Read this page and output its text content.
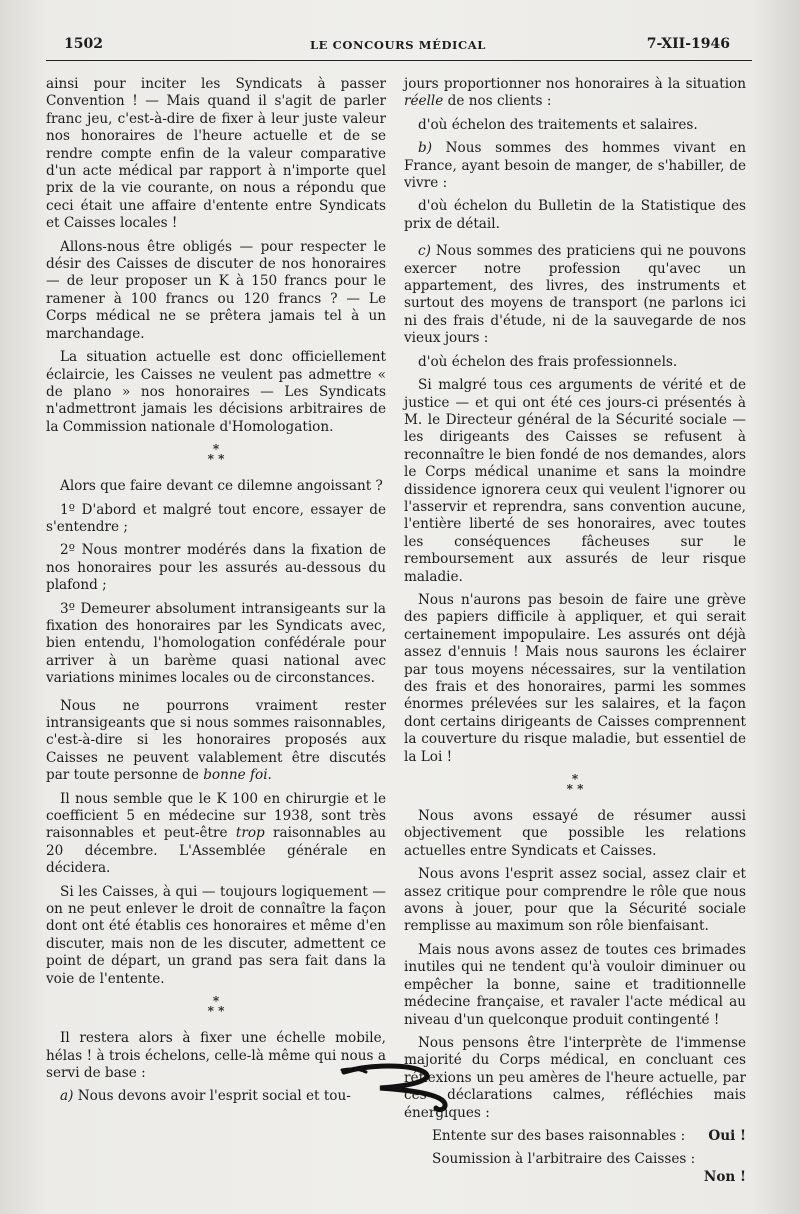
1502	LE CONCOURS MÉDICAL	7-XII-1946

ainsi pour inciter les Syndicats à passer Convention ! — Mais quand il s'agit de parler franc jeu, c'est-à-dire de fixer à leur juste valeur nos honoraires de l'heure actuelle et de se rendre compte enfin de la valeur comparative d'un acte médical par rapport à n'importe quel prix de la vie courante, on nous a répondu que ceci était une affaire d'entente entre Syndicats et Caisses locales !

Allons-nous être obligés — pour respecter le désir des Caisses de discuter de nos honoraires — de leur proposer un K à 150 francs pour le ramener à 100 francs ou 120 francs ? — Le Corps médical ne se prêtera jamais tel à un marchandage.

La situation actuelle est donc officiellement éclaircie, les Caisses ne veulent pas admettre « de plano » nos honoraires — Les Syndicats n'admettront jamais les décisions arbitraires de la Commission nationale d'Homologation.

*
* *

Alors que faire devant ce dilemne angoissant ?

1º D'abord et malgré tout encore, essayer de s'entendre ;

2º Nous montrer modérés dans la fixation de nos honoraires pour les assurés au-dessous du plafond ;

3º Demeurer absolument intransigeants sur la fixation des honoraires par les Syndicats avec, bien entendu, l'homologation confédérale pour arriver à un barème quasi national avec variations minimes locales ou de circonstances.

Nous ne pourrons vraiment rester intransigeants que si nous sommes raisonnables, c'est-à-dire si les honoraires proposés aux Caisses ne peuvent valablement être discutés par toute personne de bonne foi.

Il nous semble que le K 100 en chirurgie et le coefficient 5 en médecine sur 1938, sont très raisonnables et peut-être trop raisonnables au 20 décembre. L'Assemblée générale en décidera.

Si les Caisses, à qui — toujours logiquement — on ne peut enlever le droit de connaître la façon dont ont été établis ces honoraires et même d'en discuter, mais non de les discuter, admettent ce point de départ, un grand pas sera fait dans la voie de l'entente.

*
* *

Il restera alors à fixer une échelle mobile, hélas ! à trois échelons, celle-là même qui nous a servi de base :

a) Nous devons avoir l'esprit social et tou-

jours proportionner nos honoraires à la situation réelle de nos clients :

d'où échelon des traitements et salaires.

b) Nous sommes des hommes vivant en France, ayant besoin de manger, de s'habiller, de vivre :

d'où échelon du Bulletin de la Statistique des prix de détail.

c) Nous sommes des praticiens qui ne pouvons exercer notre profession qu'avec un appartement, des livres, des instruments et surtout des moyens de transport (ne parlons ici ni des frais d'étude, ni de la sauvegarde de nos vieux jours :

d'où échelon des frais professionnels.

Si malgré tous ces arguments de vérité et de justice — et qui ont été ces jours-ci présentés à M. le Directeur général de la Sécurité sociale — les dirigeants des Caisses se refusent à reconnaître le bien fondé de nos demandes, alors le Corps médical unanime et sans la moindre dissidence ignorera ceux qui veulent l'ignorer ou l'asservir et reprendra, sans convention aucune, l'entière liberté de ses honoraires, avec toutes les conséquences fâcheuses sur le remboursement aux assurés de leur risque maladie.

Nous n'aurons pas besoin de faire une grève des papiers difficile à appliquer, et qui serait certainement impopulaire. Les assurés ont déjà assez d'ennuis ! Mais nous saurons les éclairer par tous moyens nécessaires, sur la ventilation des frais et des honoraires, parmi les sommes énormes prélevées sur les salaires, et la façon dont certains dirigeants de Caisses comprennent la couverture du risque maladie, but essentiel de la Loi !

*
* *

Nous avons essayé de résumer aussi objectivement que possible les relations actuelles entre Syndicats et Caisses.

Nous avons l'esprit assez social, assez clair et assez critique pour comprendre le rôle que nous avons à jouer, pour que la Sécurité sociale remplisse au maximum son rôle bienfaisant.

Mais nous avons assez de toutes ces brimades inutiles qui ne tendent qu'à vouloir diminuer ou empêcher la bonne, saine et traditionnelle médecine française, et ravaler l'acte médical au niveau d'un quelconque produit contingenté !

Nous pensons être l'interprète de l'immense majorité du Corps médical, en concluant ces réflexions un peu amères de l'heure actuelle, par ces déclarations calmes, réfléchies mais énergiques :

Entente sur des bases raisonnables :	Oui !

Soumission à l'arbitraire des Caisses :
Non !
